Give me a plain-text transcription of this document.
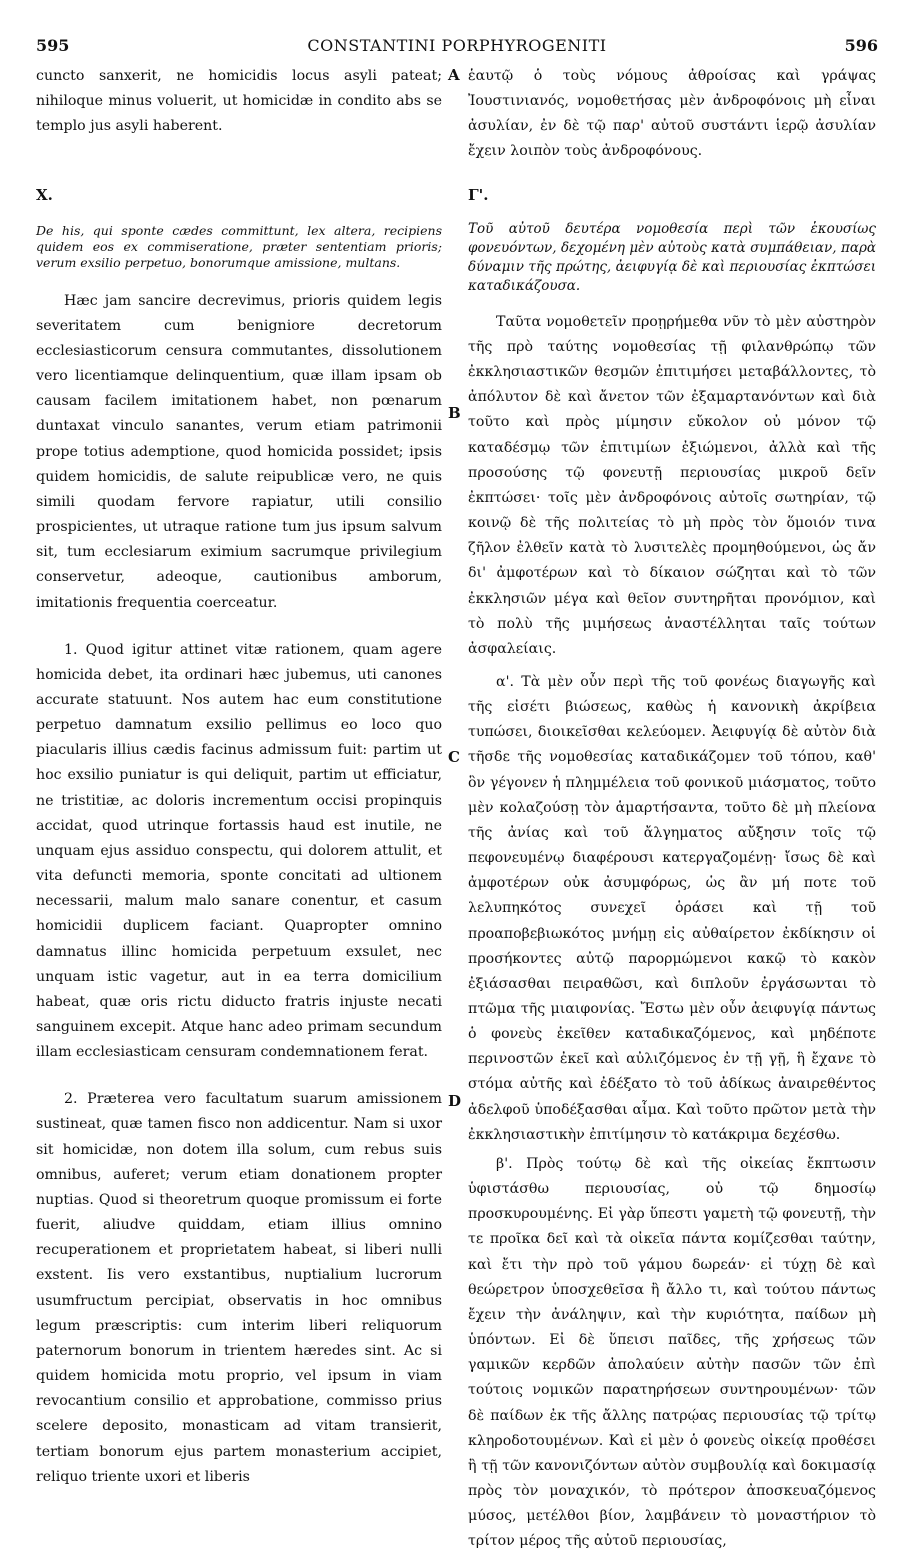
595	CONSTANTINI PORPHYROGENITI	596
A
B
C
D

cuncto sanxerit, ne homicidis locus asyli pateat; nihiloque minus voluerit, ut homicidæ in condito abs se templo jus asyli haberent.

X.

De his, qui sponte cædes committunt, lex altera, recipiens quidem eos ex commiseratione, præter sententiam prioris; verum exsilio perpetuo, bonorumque amissione, multans.

Hæc jam sancire decrevimus, prioris quidem legis severitatem cum benigniore decretorum ecclesiasticorum censura commutantes, dissolutionem vero licentiamque delinquentium, quæ illam ipsam ob causam facilem imitationem habet, non pœnarum duntaxat vinculo sanantes, verum etiam patrimonii prope totius ademptione, quod homicida possidet; ipsis quidem homicidis, de salute reipublicæ vero, ne quis simili quodam fervore rapiatur, utili consilio prospicientes, ut utraque ratione tum jus ipsum salvum sit, tum ecclesiarum eximium sacrumque privilegium conservetur, adeoque, cautionibus amborum, imitationis frequentia coerceatur.

1. Quod igitur attinet vitæ rationem, quam agere homicida debet, ita ordinari hæc jubemus, uti canones accurate statuunt. Nos autem hac eum constitutione perpetuo damnatum exsilio pellimus eo loco quo piacularis illius cædis facinus admissum fuit: partim ut hoc exsilio puniatur is qui deliquit, partim ut efficiatur, ne tristitiæ, ac doloris incrementum occisi propinquis accidat, quod utrinque fortassis haud est inutile, ne unquam ejus assiduo conspectu, qui dolorem attulit, et vita defuncti memoria, sponte concitati ad ultionem necessarii, malum malo sanare conentur, et casum homicidii duplicem faciant. Quapropter omnino damnatus illinc homicida perpetuum exsulet, nec unquam istic vagetur, aut in ea terra domicilium habeat, quæ oris rictu diducto fratris injuste necati sanguinem excepit. Atque hanc adeo primam secundum illam ecclesiasticam censuram condemnationem ferat.

2. Præterea vero facultatum suarum amissionem sustineat, quæ tamen fisco non addicentur. Nam si uxor sit homicidæ, non dotem illa solum, cum rebus suis omnibus, auferet; verum etiam donationem propter nuptias. Quod si theoretrum quoque promissum ei forte fuerit, aliudve quiddam, etiam illius omnino recuperationem et proprietatem habeat, si liberi nulli exstent. Iis vero exstantibus, nuptialium lucrorum usumfructum percipiat, observatis in hoc omnibus legum præscriptis: cum interim liberi reliquorum paternorum bonorum in trientem hæredes sint. Ac si quidem homicida motu proprio, vel ipsum in viam revocantium consilio et approbatione, commisso prius scelere deposito, monasticam ad vitam transierit, tertiam bonorum ejus partem monasterium accipiet, reliquo triente uxori et liberis

ἑαυτῷ ὁ τοὺς νόμους ἀθροίσας καὶ γράψας Ἰουστινιανός, νομοθετήσας μὲν ἀνδροφόνοις μὴ εἶναι ἀσυλίαν, ἐν δὲ τῷ παρ' αὐτοῦ συστάντι ἱερῷ ἀσυλίαν ἔχειν λοιπὸν τοὺς ἀνδροφόνους.

Γ'.

Τοῦ αὐτοῦ δευτέρα νομοθεσία περὶ τῶν ἑκουσίως φονευόντων, δεχομένη μὲν αὐτοὺς κατὰ συμπάθειαν, παρὰ δύναμιν τῆς πρώτης, ἀειφυγίᾳ δὲ καὶ περιουσίας ἐκπτώσει καταδικάζουσα.

Ταῦτα νομοθετεῖν προῃρήμεθα νῦν τὸ μὲν αὐστηρὸν τῆς πρὸ ταύτης νομοθεσίας τῇ φιλανθρώπῳ τῶν ἐκκλησιαστικῶν θεσμῶν ἐπιτιμήσει μεταβάλλοντες, τὸ ἀπόλυτον δὲ καὶ ἄνετον τῶν ἐξαμαρτανόντων καὶ διὰ τοῦτο καὶ πρὸς μίμησιν εὔκολον οὐ μόνον τῷ καταδέσμῳ τῶν ἐπιτιμίων ἐξιώμενοι, ἀλλὰ καὶ τῆς προσούσης τῷ φονευτῇ περιουσίας μικροῦ δεῖν ἐκπτώσει· τοῖς μὲν ἀνδροφόνοις αὐτοῖς σωτηρίαν, τῷ κοινῷ δὲ τῆς πολιτείας τὸ μὴ πρὸς τὸν ὅμοιόν τινα ζῆλον ἐλθεῖν κατὰ τὸ λυσιτελὲς προμηθούμενοι, ὡς ἄν δι' ἀμφοτέρων καὶ τὸ δίκαιον σώζηται καὶ τὸ τῶν ἐκκλησιῶν μέγα καὶ θεῖον συντηρῆται προνόμιον, καὶ τὸ πολὺ τῆς μιμήσεως ἀναστέλληται ταῖς τούτων ἀσφαλείαις.

α'. Τὰ μὲν οὖν περὶ τῆς τοῦ φονέως διαγωγῆς καὶ τῆς εἰσέτι βιώσεως, καθὼς ἡ κανονικὴ ἀκρίβεια τυπώσει, διοικεῖσθαι κελεύομεν. Ἀειφυγίᾳ δὲ αὐτὸν διὰ τῆσδε τῆς νομοθεσίας καταδικάζομεν τοῦ τόπου, καθ' ὃν γέγονεν ἡ πλημμέλεια τοῦ φονικοῦ μιάσματος, τοῦτο μὲν κολαζούσῃ τὸν ἁμαρτήσαντα, τοῦτο δὲ μὴ πλείονα τῆς ἀνίας καὶ τοῦ ἄλγηματος αὔξησιν τοῖς τῷ πεφονευμένῳ διαφέρουσι κατεργαζομένῃ· ἴσως δὲ καὶ ἀμφοτέρων οὐκ ἀσυμφόρως, ὡς ἂν μή ποτε τοῦ λελυπηκότος συνεχεῖ ὁράσει καὶ τῇ τοῦ προαποβεβιωκότος μνήμῃ εἰς αὐθαίρετον ἐκδίκησιν οἱ προσήκοντες αὐτῷ παρορμώμενοι κακῷ τὸ κακὸν ἐξιάσασθαι πειραθῶσι, καὶ διπλοῦν ἐργάσωνται τὸ πτῶμα τῆς μιαιφονίας. Ἔστω μὲν οὖν ἀειφυγίᾳ πάντως ὁ φονεὺς ἐκεῖθεν καταδικαζόμενος, καὶ μηδέποτε περινοστῶν ἐκεῖ καὶ αὐλιζόμενος ἐν τῇ γῇ, ἣ ἔχανε τὸ στόμα αὐτῆς καὶ ἐδέξατο τὸ τοῦ ἀδίκως ἀναιρεθέντος ἀδελφοῦ ὑποδέξασθαι αἷμα. Καὶ τοῦτο πρῶτον μετὰ τὴν ἐκκλησιαστικὴν ἐπιτίμησιν τὸ κατάκριμα δεχέσθω.

β'. Πρὸς τούτῳ δὲ καὶ τῆς οἰκείας ἔκπτωσιν ὑφιστάσθω περιουσίας, οὐ τῷ δημοσίῳ προσκυρουμένης. Εἰ γὰρ ὕπεστι γαμετὴ τῷ φονευτῇ, τὴν τε προῖκα δεῖ καὶ τὰ οἰκεῖα πάντα κομίζεσθαι ταύτην, καὶ ἔτι τὴν πρὸ τοῦ γάμου δωρεάν· εἰ τύχῃ δὲ καὶ θεώρετρον ὑποσχεθεῖσα ἢ ἄλλο τι, καὶ τούτου πάντως ἔχειν τὴν ἀνάληψιν, καὶ τὴν κυριότητα, παίδων μὴ ὑπόντων. Εἰ δὲ ὕπεισι παῖδες, τῆς χρήσεως τῶν γαμικῶν κερδῶν ἀπολαύειν αὐτὴν πασῶν τῶν ἐπὶ τούτοις νομικῶν παρατηρήσεων συντηρουμένων· τῶν δὲ παίδων ἐκ τῆς ἄλλης πατρῴας περιουσίας τῷ τρίτῳ κληροδοτουμένων. Καὶ εἰ μὲν ὁ φονεὺς οἰκείᾳ προθέσει ἢ τῇ τῶν κανονιζόντων αὐτὸν συμβουλίᾳ καὶ δοκιμασίᾳ πρὸς τὸν μοναχικόν, τὸ πρότερον ἀποσκευαζόμενος μύσος, μετέλθοι βίον, λαμβάνειν τὸ μοναστήριον τὸ τρίτον μέρος τῆς αὐτοῦ περιουσίας,
